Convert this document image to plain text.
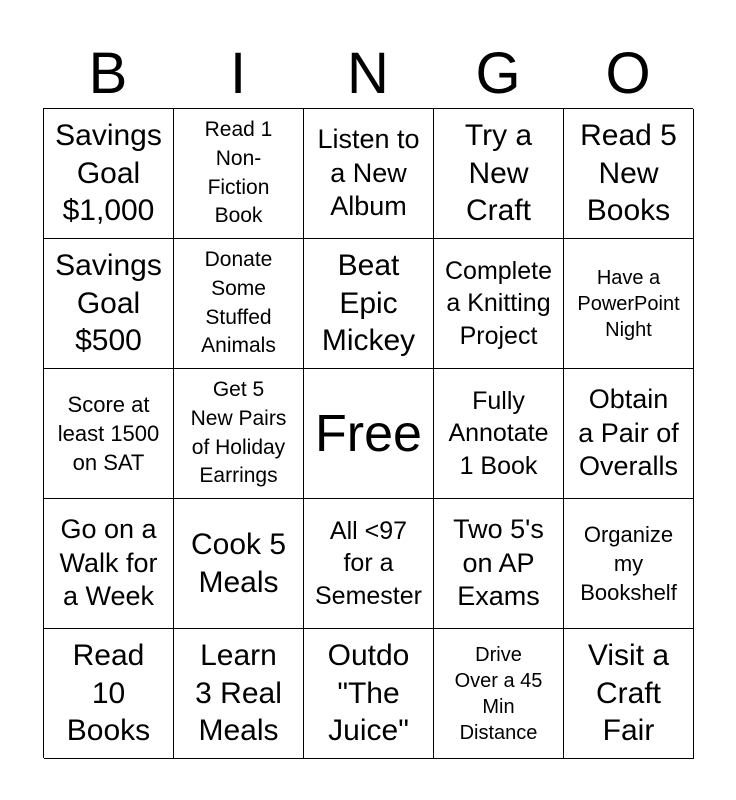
B	I	N	G	O
Savings
Goal
$1,000
Read 1
Non-
Fiction
Book
Listen to
a New
Album
Try a
New
Craft
Read 5
New
Books
Savings
Goal
$500
Donate
Some
Stuffed
Animals
Beat
Epic
Mickey
Complete
a Knitting
Project
Have a
PowerPoint
Night
Score at
least 1500
on SAT
Get 5
New Pairs
of Holiday
Earrings
Free
Fully
Annotate
1 Book
Obtain
a Pair of
Overalls
Go on a
Walk for
a Week
Cook 5
Meals
All <97
for a
Semester
Two 5's
on AP
Exams
Organize
my
Bookshelf
Read
10
Books
Learn
3 Real
Meals
Outdo
"The
Juice"
Drive
Over a 45
Min
Distance
Visit a
Craft
Fair
